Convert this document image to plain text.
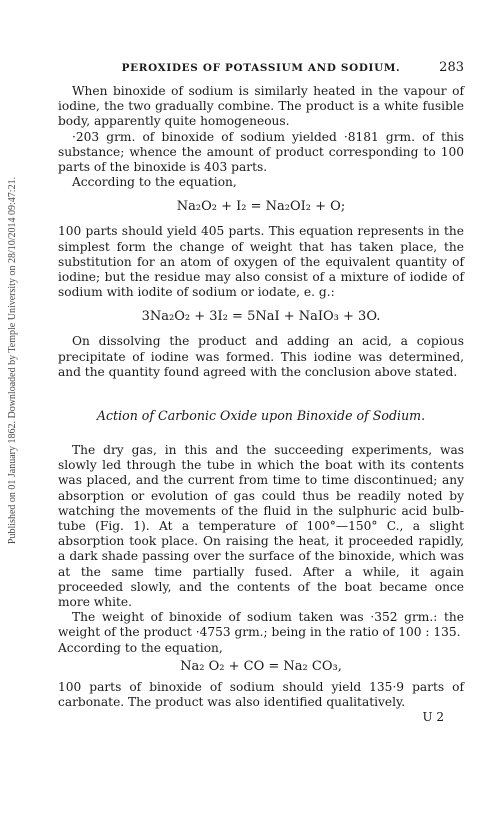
Published on 01 January 1862. Downloaded by Temple University on 28/10/2014 09:47:21.
PEROXIDES OF POTASSIUM AND SODIUM.	283

When binoxide of sodium is similarly heated in the vapour of iodine, the two gradually combine. The product is a white fusible body, apparently quite homogeneous.

·203 grm. of binoxide of sodium yielded ·8181 grm. of this substance; whence the amount of product corresponding to 100 parts of the binoxide is 403 parts.

According to the equation,

Na₂O₂ + I₂ = Na₂OI₂ + O;

100 parts should yield 405 parts. This equation represents in the simplest form the change of weight that has taken place, the substitution for an atom of oxygen of the equivalent quantity of iodine; but the residue may also consist of a mixture of iodide of sodium with iodite of sodium or iodate, e. g.:

3Na₂O₂ + 3I₂ = 5NaI + NaIO₃ + 3O.

On dissolving the product and adding an acid, a copious precipitate of iodine was formed. This iodine was determined, and the quantity found agreed with the conclusion above stated.

Action of Carbonic Oxide upon Binoxide of Sodium.

The dry gas, in this and the succeeding experiments, was slowly led through the tube in which the boat with its contents was placed, and the current from time to time discontinued; any absorption or evolution of gas could thus be readily noted by watching the movements of the fluid in the sulphuric acid bulb-tube (Fig. 1). At a temperature of 100°—150° C., a slight absorption took place. On raising the heat, it proceeded rapidly, a dark shade passing over the surface of the binoxide, which was at the same time partially fused. After a while, it again proceeded slowly, and the contents of the boat became once more white.

The weight of binoxide of sodium taken was ·352 grm.: the weight of the product ·4753 grm.; being in the ratio of 100 : 135.

According to the equation,

Na₂ O₂ + CO = Na₂ CO₃,

100 parts of binoxide of sodium should yield 135·9 parts of carbonate. The product was also identified qualitatively.

U 2
